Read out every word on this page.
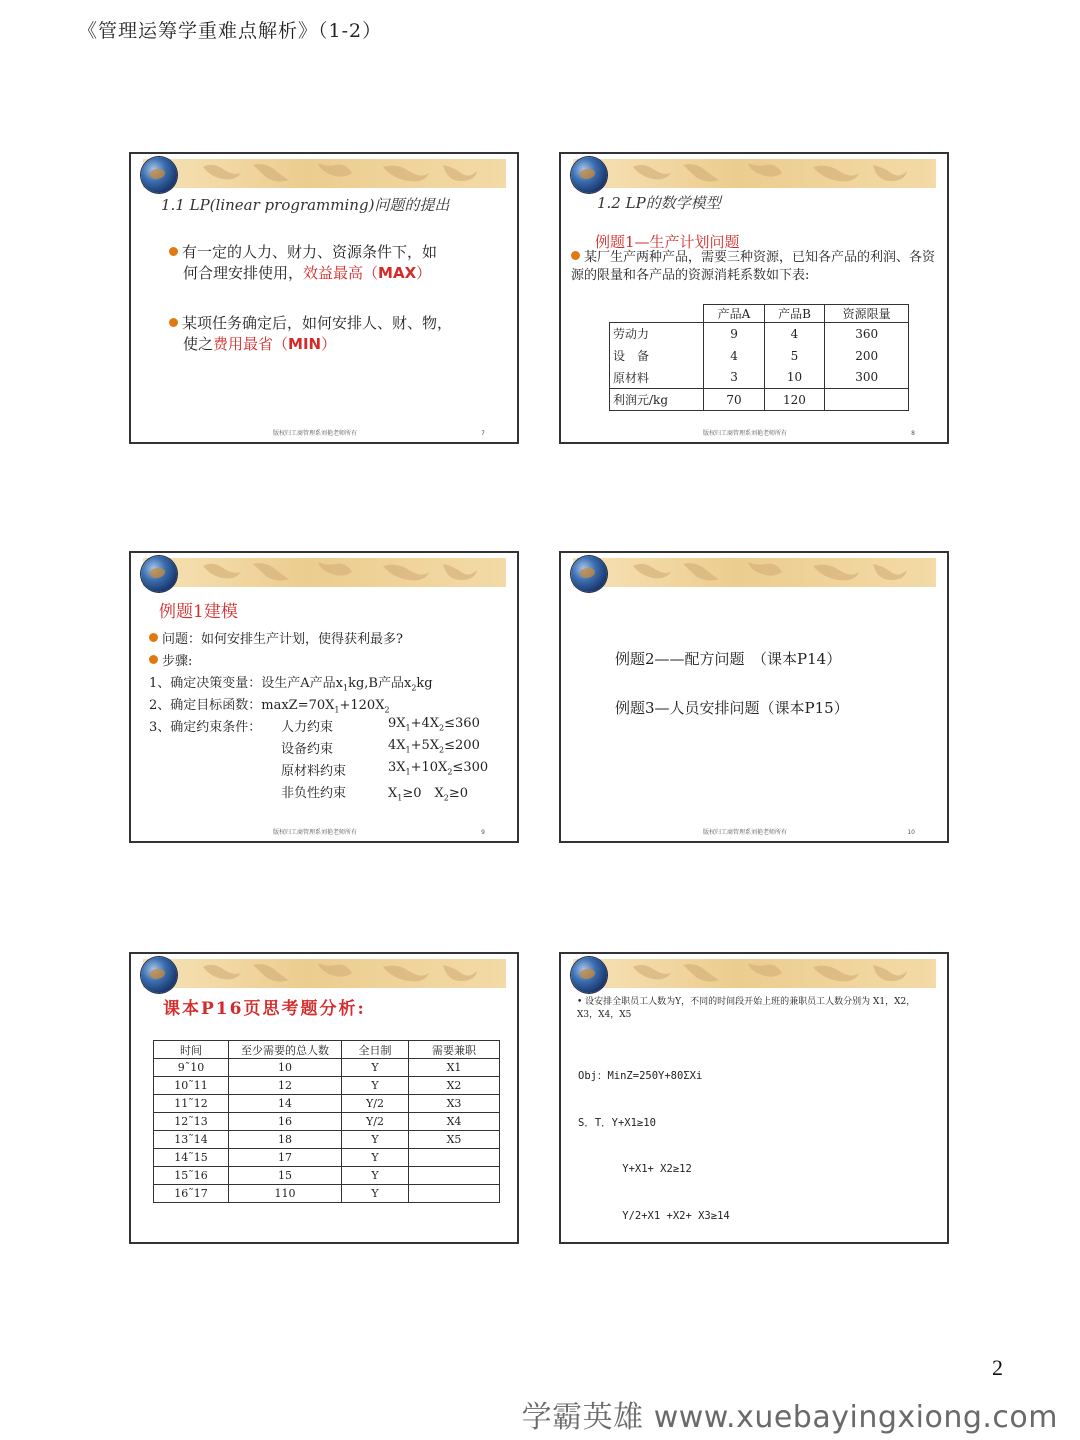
《管理运筹学重难点解析》（1-2）
1.1 LP(linear programming)问题的提出
有一定的人力、财力、资源条件下，如
何合理安排使用，效益最高（MAX）
某项任务确定后，如何安排人、财、物，
使之费用最省（MIN）
版权归工商管理系刘艳老师所有	7
1.2 LP的数学模型
例题1—生产计划问题
某厂生产两种产品，需要三种资源，已知各产品的利润、各资源的限量和各产品的资源消耗系数如下表:
	产品A	产品B	资源限量
劳动力	9	4	360
设　备	4	5	200
原材料	3	10	300
利润元/kg	70	120	
版权归工商管理系刘艳老师所有	8
例题1建模
问题：如何安排生产计划，使得获利最多?
步骤:
1、确定决策变量：设生产A产品$x_1kg,B$产品$x_2kg$
2、确定目标函数：$\max Z=70X_1+120X_2$
3、确定约束条件： 人力约束	$9X_1+4X_2\le 360$
设备约束	$4X_1+5X_2\le 200$
原材料约束	$3X_1+10X_2\le 300$
非负性约束	$X_1\ge 0$　$X_2\ge 0$
版权归工商管理系刘艳老师所有	9
例题2——配方问题　（课本P14）
例题3—人员安排问题（课本P15）
版权归工商管理系刘艳老师所有	10
课本P16页思考题分析:
时间	至少需要的总人数	全日制	需要兼职
9˜10	10	Y	X1
10˜11	12	Y	X2
11˜12	14	Y/2	X3
12˜13	16	Y/2	X4
13˜14	18	Y	X5
14˜15	17	Y	
15˜16	15	Y	
16˜17	110	Y	
• 设安排全职员工人数为Y，不同的时间段开始上班的兼职员工人数分别为 X1，X2，X3，X4，X5

Obj：MinZ=250Y+80ΣXi

S．T．Y+X1≥10

Y+X1+ X2≥12

Y/2+X1 +X2+ X3≥14

2
学霸英雄 www.xuebayingxiong.com
